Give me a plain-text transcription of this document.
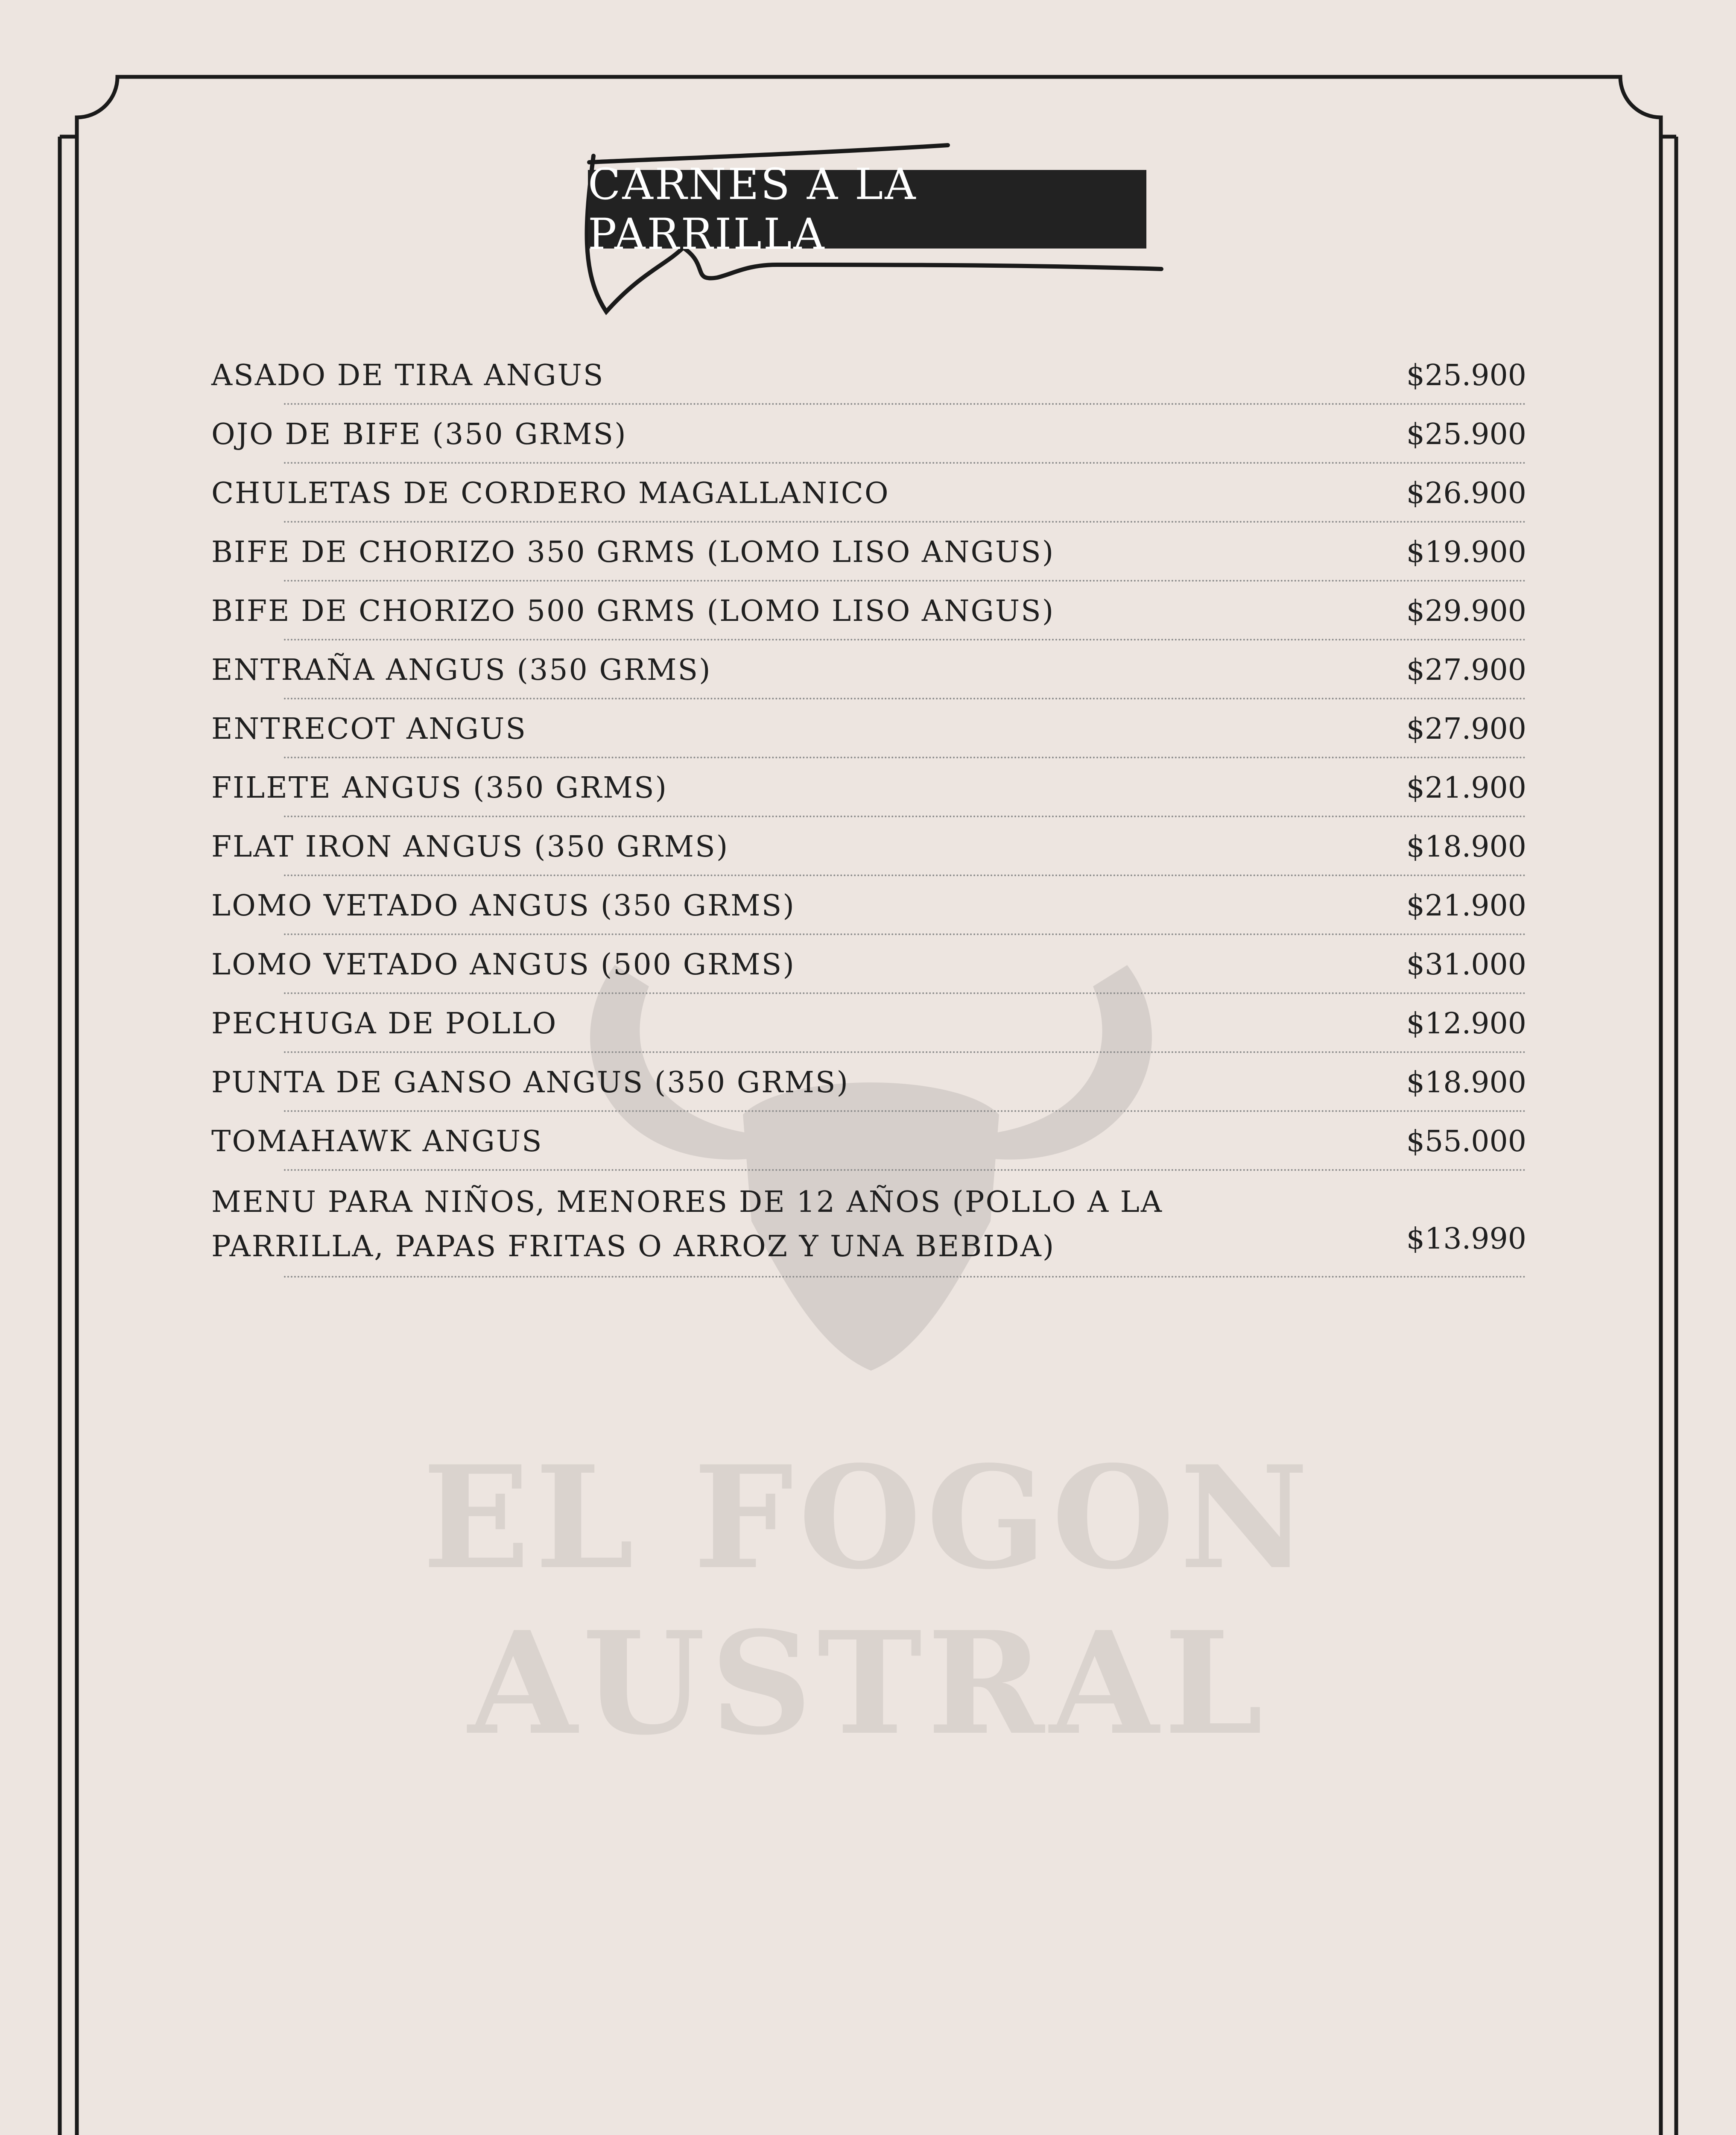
CARNES A LA PARRILLA
EL FOGON AUSTRAL
ASADO DE TIRA ANGUS	$25.900
OJO DE BIFE (350 GRMS)	$25.900
CHULETAS DE CORDERO MAGALLANICO	$26.900
BIFE DE CHORIZO 350 GRMS (LOMO LISO ANGUS)	$19.900
BIFE DE CHORIZO 500 GRMS (LOMO LISO ANGUS)	$29.900
ENTRAÑA ANGUS (350 GRMS)	$27.900
ENTRECOT ANGUS	$27.900
FILETE ANGUS (350 GRMS)	$21.900
FLAT IRON ANGUS (350 GRMS)	$18.900
LOMO VETADO ANGUS (350 GRMS)	$21.900
LOMO VETADO ANGUS (500 GRMS)	$31.000
PECHUGA DE POLLO	$12.900
PUNTA DE GANSO ANGUS (350 GRMS)	$18.900
TOMAHAWK ANGUS	$55.000
MENU PARA NIÑOS, MENORES DE 12 AÑOS (POLLO A LA PARRILLA, PAPAS FRITAS O ARROZ Y UNA BEBIDA)	$13.990
